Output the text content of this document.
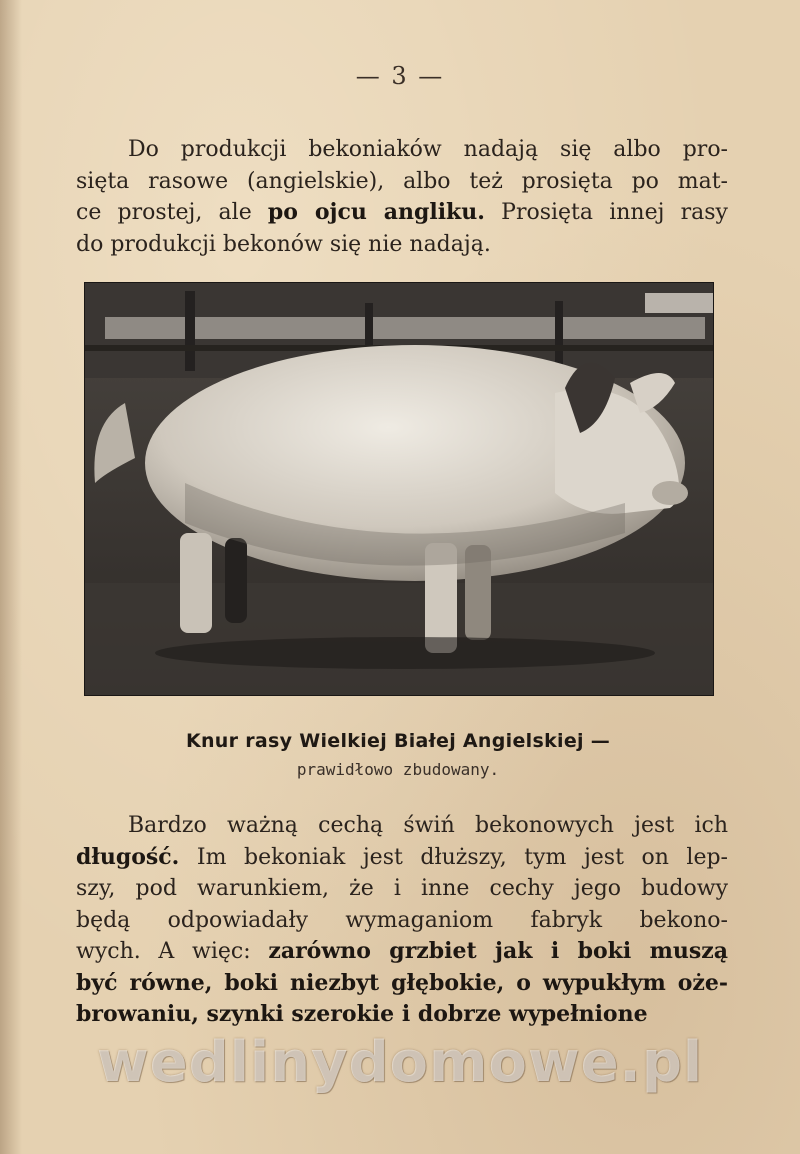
— 3 —
Do produkcji bekoniaków nadają się albo pro-
sięta rasowe (angielskie), albo też prosięta po mat-
ce prostej, ale po ojcu angliku. Prosięta innej rasy
do produkcji bekonów się nie nadają.

Knur rasy Wielkiej Białej Angielskiej —

prawidłowo zbudowany.

Bardzo ważną cechą świń bekonowych jest ich
długość. Im bekoniak jest dłuższy, tym jest on lep-
szy, pod warunkiem, że i inne cechy jego budowy
będą odpowiadały wymaganiom fabryk bekono-
wych. A więc: zarówno grzbiet jak i boki muszą
być równe, boki niezbyt głębokie, o wypukłym oże-
browaniu, szynki szerokie i dobrze wypełnione
wedlinydomowe.pl
